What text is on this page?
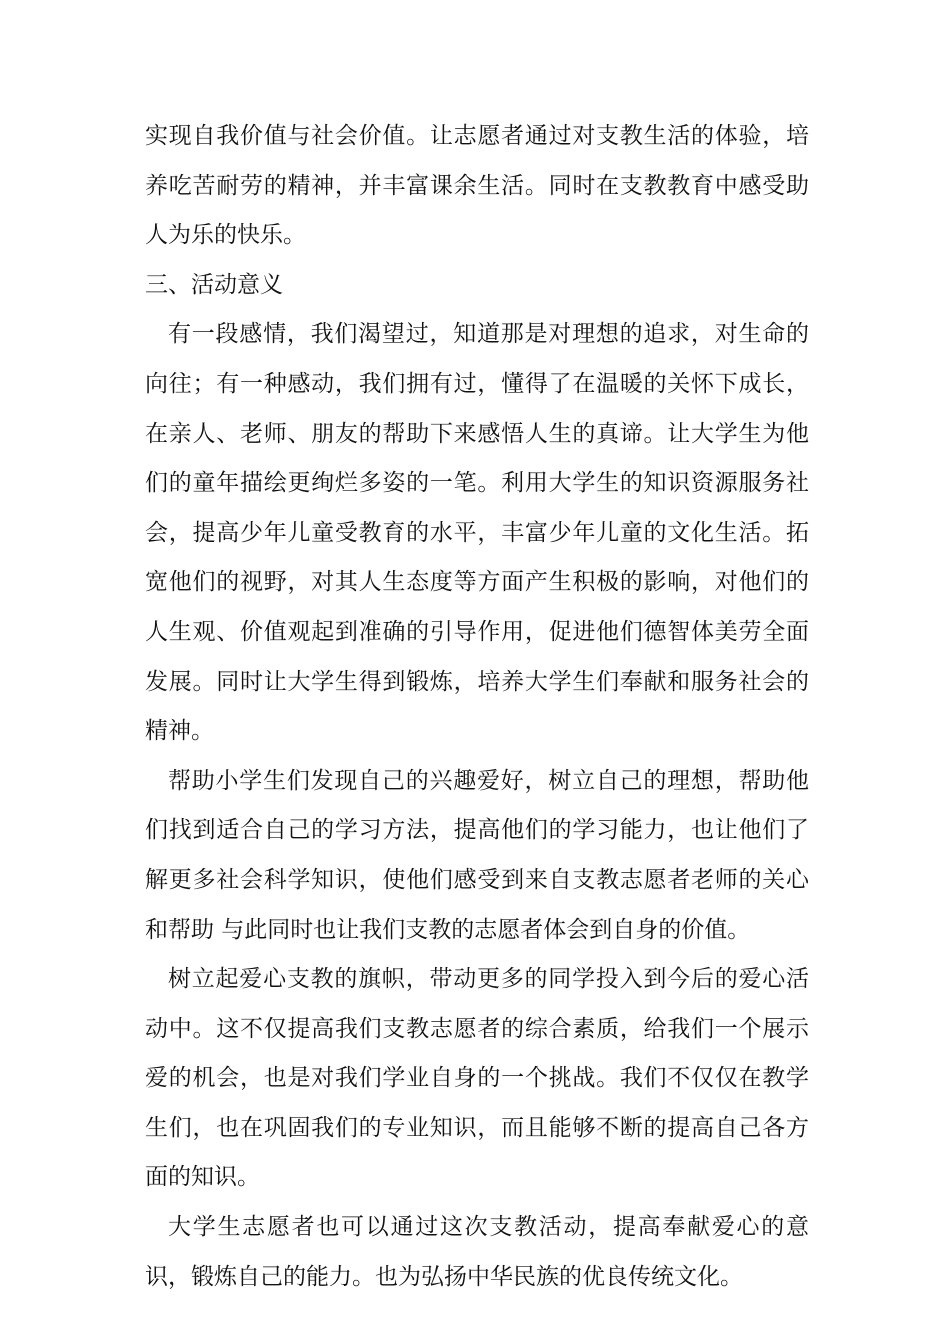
实现自我价值与社会价值。让志愿者通过对支教生活的体验，培养吃苦耐劳的精神，并丰富课余生活。同时在支教教育中感受助人为乐的快乐。

三、活动意义

有一段感情，我们渴望过，知道那是对理想的追求，对生命的向往；有一种感动，我们拥有过，懂得了在温暖的关怀下成长，在亲人、老师、朋友的帮助下来感悟人生的真谛。让大学生为他们的童年描绘更绚烂多姿的一笔。利用大学生的知识资源服务社会，提高少年儿童受教育的水平，丰富少年儿童的文化生活。拓宽他们的视野，对其人生态度等方面产生积极的影响，对他们的人生观、价值观起到准确的引导作用，促进他们德智体美劳全面发展。同时让大学生得到锻炼，培养大学生们奉献和服务社会的精神。

帮助小学生们发现自己的兴趣爱好，树立自己的理想，帮助他们找到适合自己的学习方法，提高他们的学习能力，也让他们了解更多社会科学知识，使他们感受到来自支教志愿者老师的关心和帮助 与此同时也让我们支教的志愿者体会到自身的价值。

树立起爱心支教的旗帜，带动更多的同学投入到今后的爱心活动中。这不仅提高我们支教志愿者的综合素质，给我们一个展示爱的机会，也是对我们学业自身的一个挑战。我们不仅仅在教学生们，也在巩固我们的专业知识，而且能够不断的提高自己各方面的知识。

大学生志愿者也可以通过这次支教活动，提高奉献爱心的意识，锻炼自己的能力。也为弘扬中华民族的优良传统文化。
